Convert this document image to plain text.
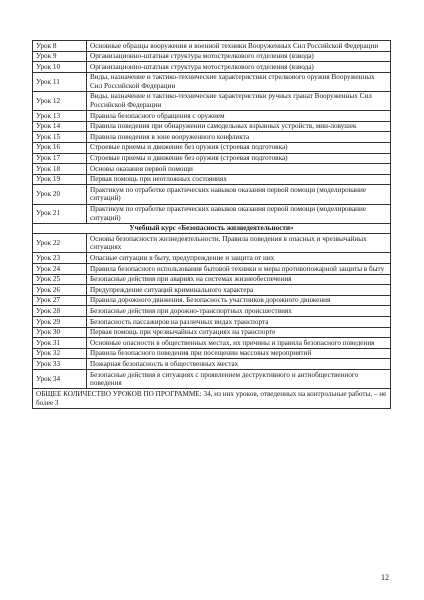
Урок 8	Основные образцы вооружения и военной техники Вооруженных Сил Российской Федерации
Урок 9	Организационно-штатная структура мотострелкового отделения (взвода)
Урок 10	Организационно-штатная структура мотострелкового отделения (взвода)
Урок 11	Виды, назначение и тактико-технические характеристики стрелкового оружия Вооруженных Сил Российской Федерации
Урок 12	Виды, назначение и тактико-технические характеристики ручных гранат Вооруженных Сил Российской Федерации
Урок 13	Правила безопасного обращения с оружием
Урок 14	Правила поведения при обнаружении самодельных взрывных устройств, мин-ловушек
Урок 15	Правила поведения в зоне вооруженного конфликта
Урок 16	Строевые приемы и движение без оружия (строевая подготовка)
Урок 17	Строевые приемы и движение без оружия (строевая подготовка)
Урок 18	Основы оказания первой помощи
Урок 19	Первая помощь при неотложных состояниях
Урок 20	Практикум по отработке практических навыков оказания первой помощи (моделирование ситуаций)
Урок 21	Практикум по отработке практических навыков оказания первой помощи (моделирование ситуаций)
Учебный курс «Безопасность жизнедеятельности»	
Урок 22	Основы безопасности жизнедеятельности. Правила поведения в опасных и чрезвычайных ситуациях
Урок 23	Опасные ситуации в быту, предупреждение и защита от них
Урок 24	Правила безопасного использования бытовой техники и меры противопожарной защиты в быту
Урок 25	Безопасные действия при авариях на системах жизнеобеспечения
Урок 26	Предупреждение ситуаций криминального характера
Урок 27	Правила дорожного движения. Безопасность участников дорожного движения
Урок 28	Безопасные действия при дорожно-транспортных происшествиях
Урок 29	Безопасность пассажиров на различных видах транспорта
Урок 30	Первая помощь при чрезвычайных ситуациях на транспорте
Урок 31	Основные опасности в общественных местах, их причины и правила безопасного поведения
Урок 32	Правила безопасного поведения при посещении массовых мероприятий
Урок 33	Пожарная безопасность в общественных местах
Урок 34	Безопасные действия в ситуациях с проявлением деструктивного и антиобщественного поведения
ОБЩЕЕ КОЛИЧЕСТВО УРОКОВ ПО ПРОГРАММЕ: 34, из них уроков, отведенных на контрольные работы, – не более 3	
12
